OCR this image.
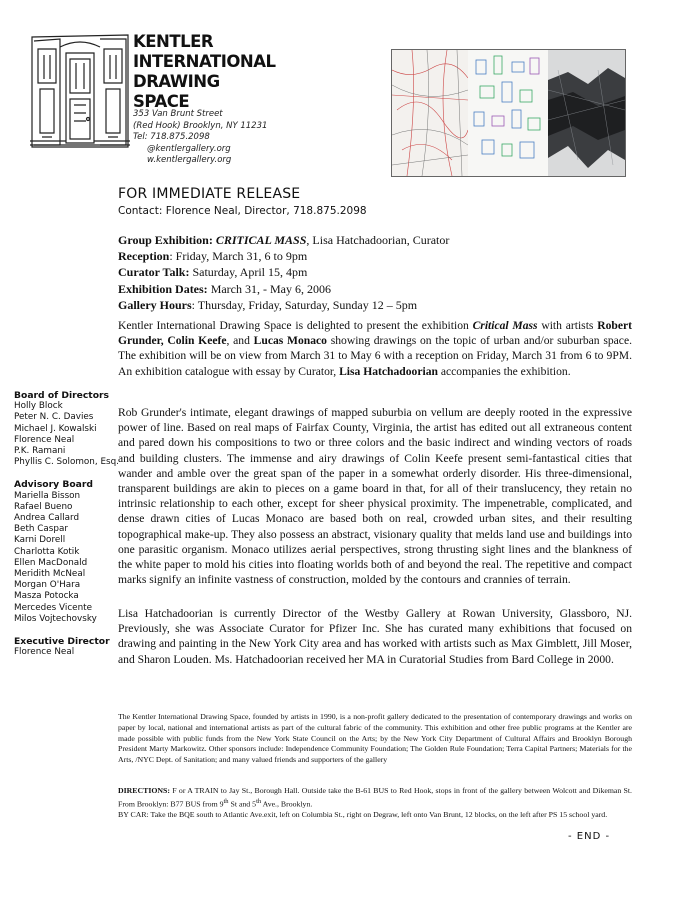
KENTLER
INTERNATIONAL
DRAWING
SPACE
353 Van Brunt Street
(Red Hook) Brooklyn, NY 11231
Tel: 718.875.2098
@kentlergallery.org
w.kentlergallery.org
FOR IMMEDIATE RELEASE
Contact: Florence Neal, Director, 718.875.2098
Group Exhibition: CRITICAL MASS, Lisa Hatchadoorian, Curator
Reception: Friday, March 31, 6 to 9pm
Curator Talk: Saturday, April 15, 4pm
Exhibition Dates: March 31, - May 6, 2006
Gallery Hours: Thursday, Friday, Saturday, Sunday 12 – 5pm

Kentler International Drawing Space is delighted to present the exhibition Critical Mass with artists Robert Grunder, Colin Keefe, and Lucas Monaco showing drawings on the topic of urban and/or suburban space. The exhibition will be on view from March 31 to May 6 with a reception on Friday, March 31 from 6 to 9PM. An exhibition catalogue with essay by Curator, Lisa Hatchadoorian accompanies the exhibition.

Rob Grunder's intimate, elegant drawings of mapped suburbia on vellum are deeply rooted in the expressive power of line. Based on real maps of Fairfax County, Virginia, the artist has edited out all extraneous content and pared down his compositions to two or three colors and the basic indirect and winding vectors of roads and building clusters. The immense and airy drawings of Colin Keefe present semi-fantastical cities that wander and amble over the great span of the paper in a somewhat orderly disorder. His three-dimensional, transparent buildings are akin to pieces on a game board in that, for all of their translucency, they retain no intrinsic relationship to each other, except for sheer physical proximity. The impenetrable, complicated, and dense drawn cities of Lucas Monaco are based both on real, crowded urban sites, and their resulting topographical make-up. They also possess an abstract, visionary quality that melds land use and buildings into one parasitic organism. Monaco utilizes aerial perspectives, strong thrusting sight lines and the blankness of the white paper to mold his cities into floating worlds both of and beyond the real. The repetitive and compact marks signify an infinite vastness of construction, molded by the contours and crannies of terrain.

Lisa Hatchadoorian is currently Director of the Westby Gallery at Rowan University, Glassboro, NJ. Previously, she was Associate Curator for Pfizer Inc. She has curated many exhibitions that focused on drawing and painting in the New York City area and has worked with artists such as Max Gimblett, Jill Moser, and Sharon Louden. Ms. Hatchadoorian received her MA in Curatorial Studies from Bard College in 2000.

Board of Directors
Holly Block
Peter N. C. Davies
Michael J. Kowalski
Florence Neal
P.K. Ramani
Phyllis C. Solomon, Esq.
Advisory Board
Mariella Bisson
Rafael Bueno
Andrea Callard
Beth Caspar
Karni Dorell
Charlotta Kotik
Ellen MacDonald
Meridith McNeal
Morgan O'Hara
Masza Potocka
Mercedes Vicente
Milos Vojtechovsky
Executive Director
Florence Neal

The Kentler International Drawing Space, founded by artists in 1990, is a non-profit gallery dedicated to the presentation of contemporary drawings and works on paper by local, national and international artists as part of the cultural fabric of the community. This exhibition and other free public programs at the Kentler are made possible with public funds from the New York State Council on the Arts; by the New York City Department of Cultural Affairs and Brooklyn Borough President Marty Markowitz. Other sponsors include: Independence Community Foundation; The Golden Rule Foundation; Terra Capital Partners; Materials for the Arts, /NYC Dept. of Sanitation; and many valued friends and supporters of the gallery

DIRECTIONS: F or A TRAIN to Jay St., Borough Hall. Outside take the B-61 BUS to Red Hook, stops in front of the gallery between Wolcott and Dikeman St. From Brooklyn: B77 BUS from 9th St and 5th Ave., Brooklyn.
BY CAR: Take the BQE south to Atlantic Ave.exit, left on Columbia St., right on Degraw, left onto Van Brunt, 12 blocks, on the left after PS 15 school yard.

- END -
